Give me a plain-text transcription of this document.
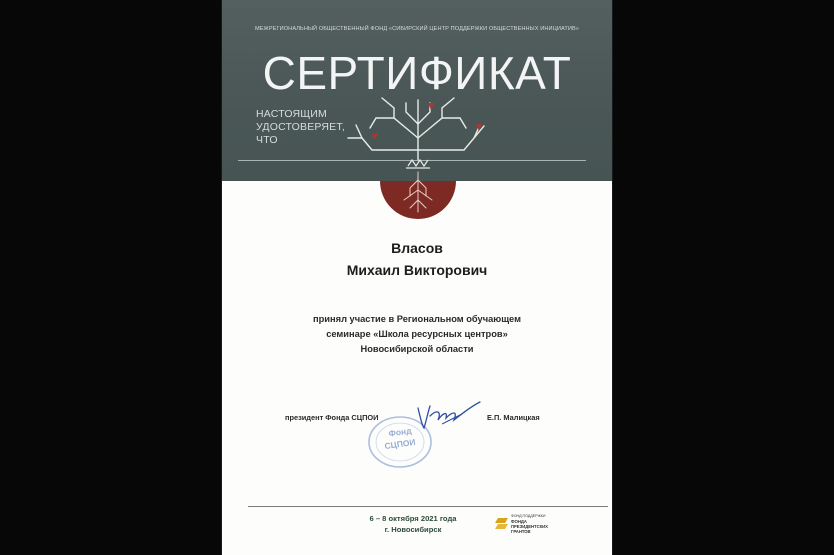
МЕЖРЕГИОНАЛЬНЫЙ ОБЩЕСТВЕННЫЙ ФОНД «СИБИРСКИЙ ЦЕНТР ПОДДЕРЖКИ ОБЩЕСТВЕННЫХ ИНИЦИАТИВ»
СЕРТИФИКАТ
НАСТОЯЩИМ
УДОСТОВЕРЯЕТ,
ЧТО
Власов
Михаил Викторович
принял участие в Региональном обучающем
семинаре «Школа ресурсных центров»
Новосибирской области
президент Фонда СЦПОИ
Фонд
СЦПОИ
Е.П. Малицкая
6 – 8 октября 2021 года
г. Новосибирск
ФОНД ПОДДЕРЖКИ
ФОНДА
ПРЕЗИДЕНТСКИХ
ГРАНТОВ
